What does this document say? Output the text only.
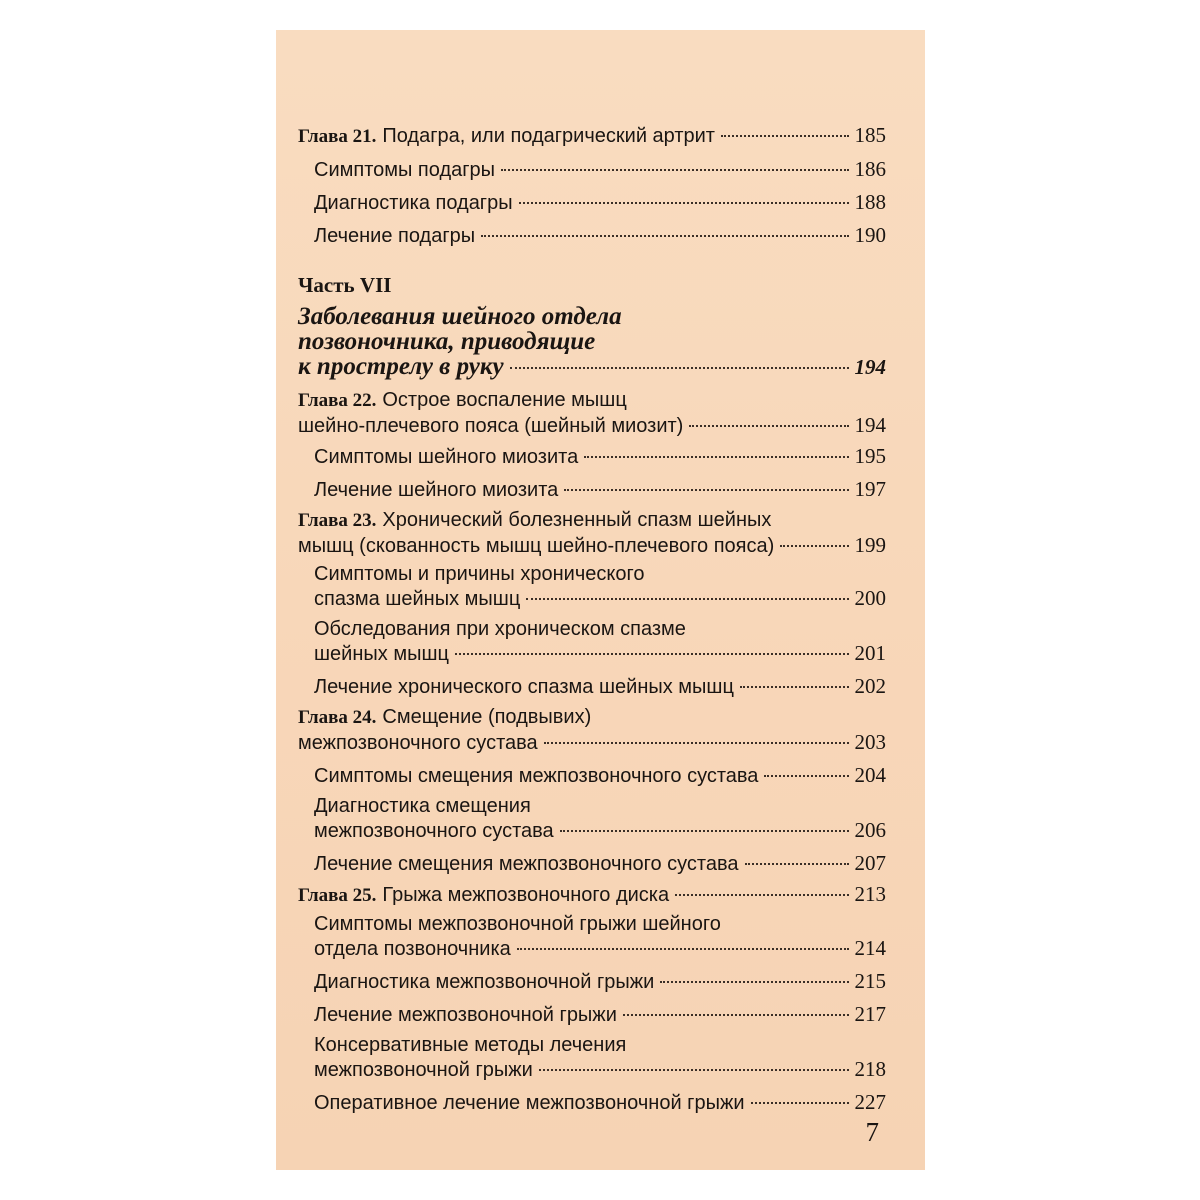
Глава 21. Подагра, или подагрический артрит	185
Симптомы подагры	186
Диагностика подагры	188
Лечение подагры	190
Часть VII
Заболевания шейного отдела
позвоночника, приводящие
к прострелу в руку	194
Глава 22. Острое воспаление мышц
шейно-плечевого пояса (шейный миозит)	194
Симптомы шейного миозита	195
Лечение шейного миозита	197
Глава 23. Хронический болезненный спазм шейных
мышц (скованность мышц шейно-плечевого пояса)	199
Симптомы и причины хронического
спазма шейных мышц	200
Обследования при хроническом спазме
шейных мышц	201
Лечение хронического спазма шейных мышц	202
Глава 24. Смещение (подвывих)
межпозвоночного сустава	203
Симптомы смещения межпозвоночного сустава	204
Диагностика смещения
межпозвоночного сустава	206
Лечение смещения межпозвоночного сустава	207
Глава 25. Грыжа межпозвоночного диска	213
Симптомы межпозвоночной грыжи шейного
отдела позвоночника	214
Диагностика межпозвоночной грыжи	215
Лечение межпозвоночной грыжи	217
Консервативные методы лечения
межпозвоночной грыжи	218
Оперативное лечение межпозвоночной грыжи	227
7
